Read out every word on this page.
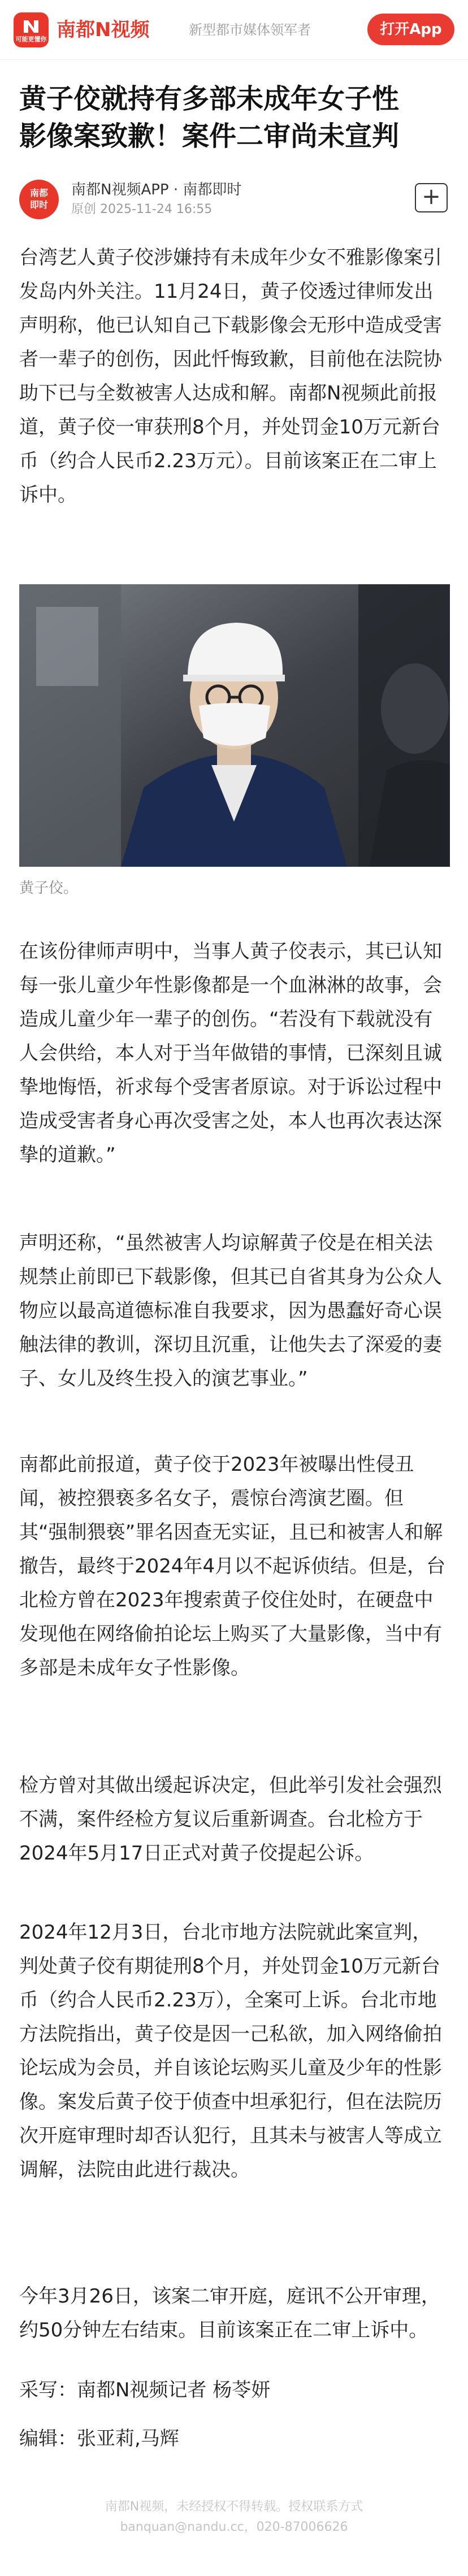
可能更懂你 南都N视频	新型都市媒体领军者	打开App
黄子佼就持有多部未成年女子性
影像案致歉！案件二审尚未宣判
南都
即时
南都N视频APP · 南都即时
原创 2025-11-24 16:55	+
台湾艺人黄子佼涉嫌持有未成年少女不雅影像案引发岛内外关注。11月24日，黄子佼透过律师发出声明称，他已认知自己下载影像会无形中造成受害者一辈子的创伤，因此忏悔致歉，目前他在法院协助下已与全数被害人达成和解。南都N视频此前报道，黄子佼一审获刑8个月，并处罚金10万元新台币（约合人民币2.23万元）。目前该案正在二审上诉中。
黄子佼。
在该份律师声明中，当事人黄子佼表示，其已认知每一张儿童少年性影像都是一个血淋淋的故事，会造成儿童少年一辈子的创伤。“若没有下载就没有人会供给，本人对于当年做错的事情，已深刻且诚挚地悔悟，祈求每个受害者原谅。对于诉讼过程中造成受害者身心再次受害之处，本人也再次表达深挚的道歉。”
声明还称，“虽然被害人均谅解黄子佼是在相关法规禁止前即已下载影像，但其已自省其身为公众人物应以最高道德标准自我要求，因为愚蠢好奇心误触法律的教训，深切且沉重，让他失去了深爱的妻子、女儿及终生投入的演艺事业。”
南都此前报道，黄子佼于2023年被曝出性侵丑闻，被控猥亵多名女子，震惊台湾演艺圈。但其“强制猥亵”罪名因查无实证，且已和被害人和解撤告，最终于2024年4月以不起诉侦结。但是，台北检方曾在2023年搜索黄子佼住处时，在硬盘中发现他在网络偷拍论坛上购买了大量影像，当中有多部是未成年女子性影像。
检方曾对其做出缓起诉决定，但此举引发社会强烈不满，案件经检方复议后重新调查。台北检方于2024年5月17日正式对黄子佼提起公诉。
2024年12月3日，台北市地方法院就此案宣判，判处黄子佼有期徒刑8个月，并处罚金10万元新台币（约合人民币2.23万），全案可上诉。台北市地方法院指出，黄子佼是因一己私欲，加入网络偷拍论坛成为会员，并自该论坛购买儿童及少年的性影像。案发后黄子佼于侦查中坦承犯行，但在法院历次开庭审理时却否认犯行，且其未与被害人等成立调解，法院由此进行裁决。
今年3月26日，该案二审开庭，庭讯不公开审理，约50分钟左右结束。目前该案正在二审上诉中。
采写：南都N视频记者 杨苓妍
编辑：张亚莉,马辉
南都N视频，未经授权不得转载。授权联系方式
banquan@nandu.cc，020-87006626
